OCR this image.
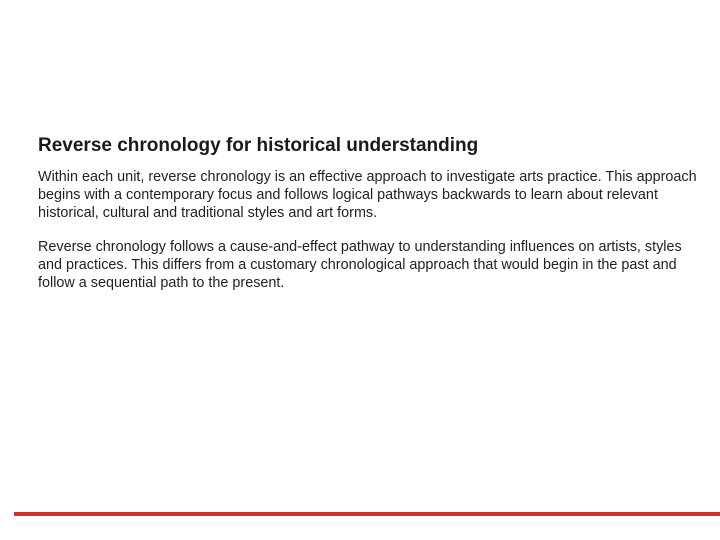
Reverse chronology for historical understanding

Within each unit, reverse chronology is an effective approach to investigate arts practice. This approach begins with a contemporary focus and follows logical pathways backwards to learn about relevant historical, cultural and traditional styles and art forms.

Reverse chronology follows a cause-and-effect pathway to understanding influences on artists, styles and practices. This differs from a customary chronological approach that would begin in the past and follow a sequential path to the present.
